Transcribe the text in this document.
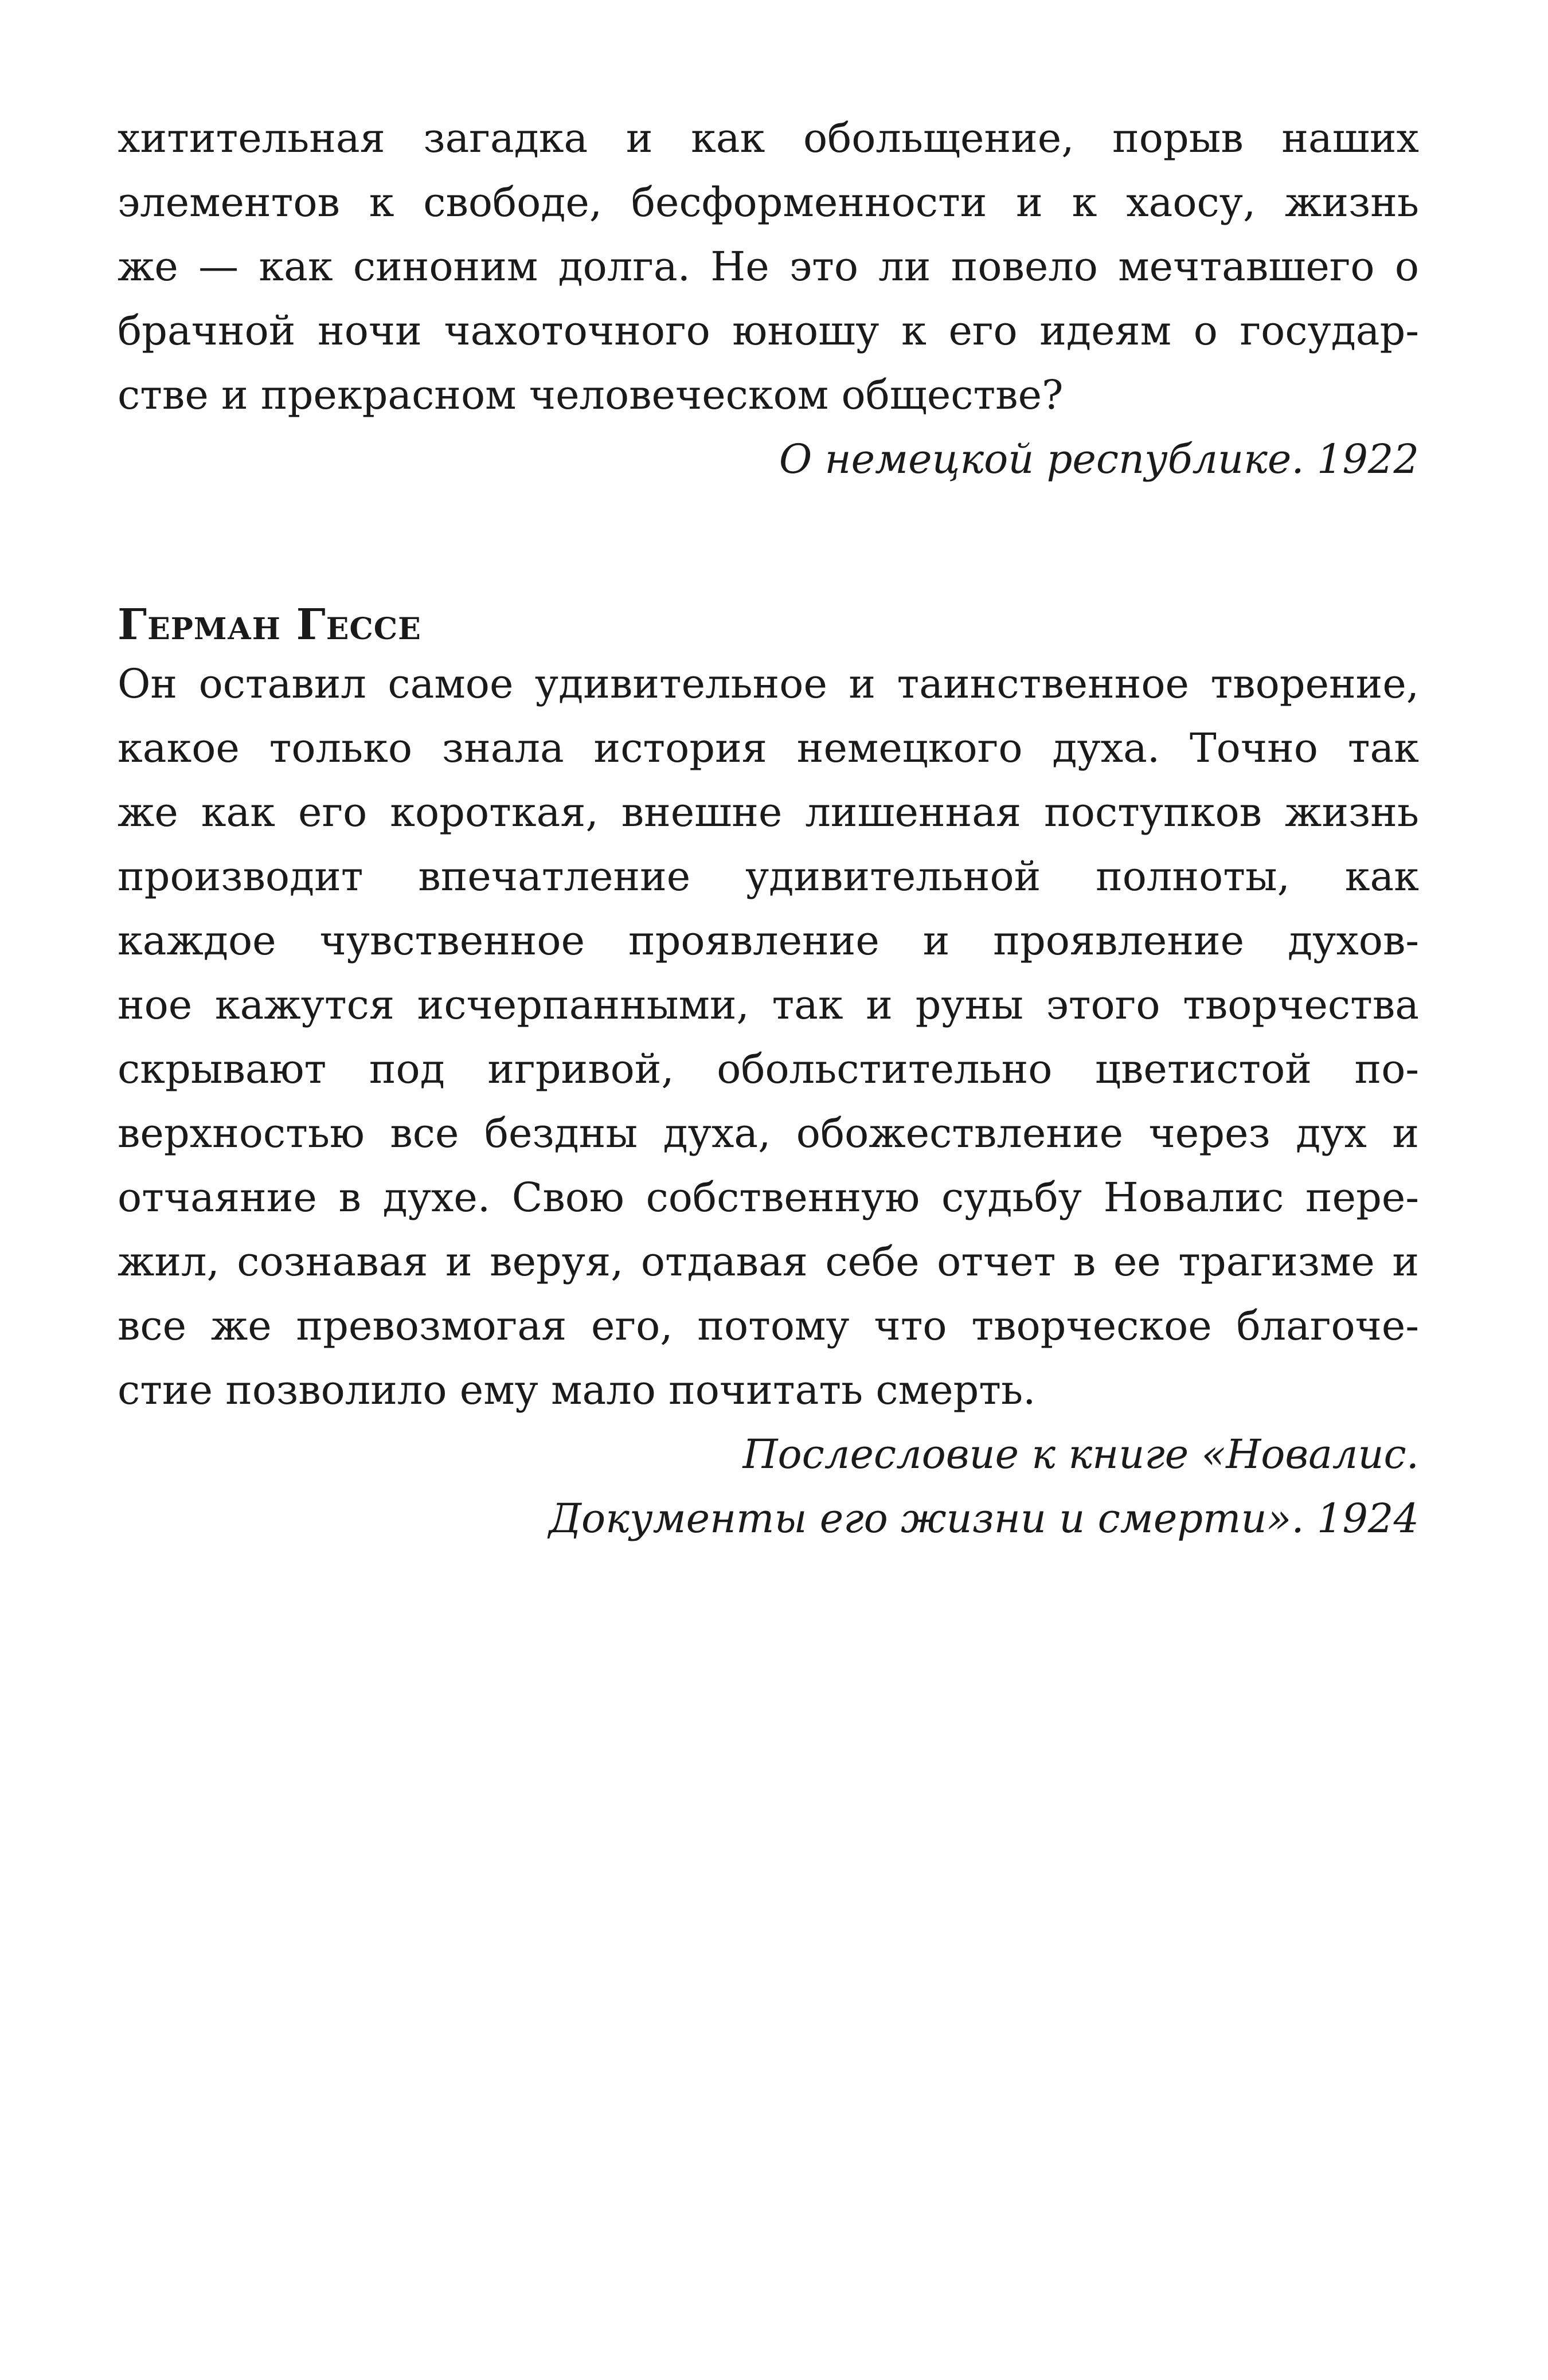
хитительная загадка и как обольщение, порыв наших
элементов к свободе, бесформенности и к хаосу, жизнь
же — как синоним долга. Не это ли повело мечтавшего о
брачной ночи чахоточного юношу к его идеям о государ-
стве и прекрасном человеческом обществе?
О немецкой республике. 1922
Герман Гессе
Он оставил самое удивительное и таинственное творение,
какое только знала история немецкого духа. Точно так
же как его короткая, внешне лишенная поступков жизнь
производит впечатление удивительной полноты, как
каждое чувственное проявление и проявление духов-
ное кажутся исчерпанными, так и руны этого творчества
скрывают под игривой, обольстительно цветистой по-
верхностью все бездны духа, обожествление через дух и
отчаяние в духе. Свою собственную судьбу Новалис пере-
жил, сознавая и веруя, отдавая себе отчет в ее трагизме и
все же превозмогая его, потому что творческое благоче-
стие позволило ему мало почитать смерть.
Послесловие к книге «Новалис.
Документы его жизни и смерти». 1924
